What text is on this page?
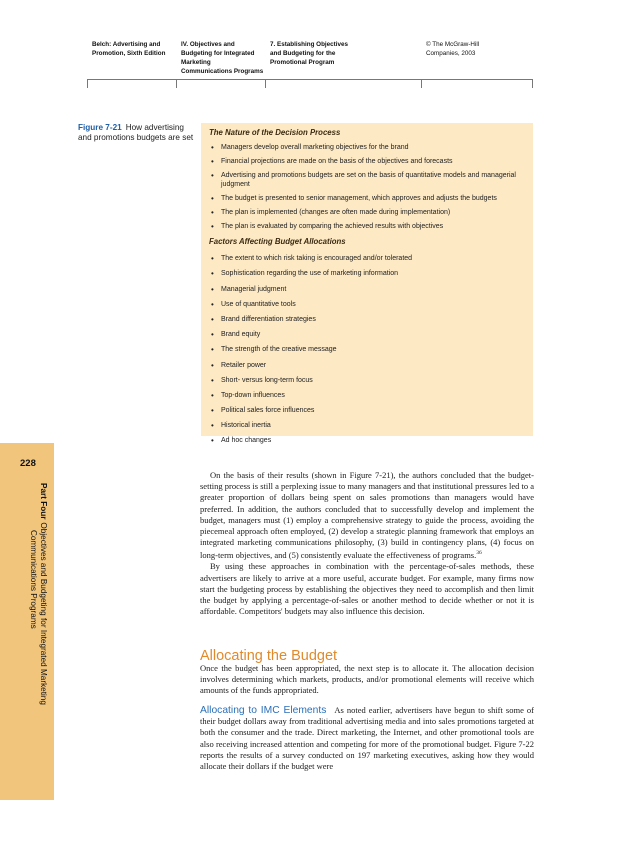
Belch: Advertising and
Promotion, Sixth Edition
IV. Objectives and
Budgeting for Integrated
Marketing
Communications Programs
7. Establishing Objectives
and Budgeting for the
Promotional Program
© The McGraw-Hill
Companies, 2003
Figure 7-21 How advertising and promotions budgets are set
The Nature of the Decision Process
• Managers develop overall marketing objectives for the brand
• Financial projections are made on the basis of the objectives and forecasts
• Advertising and promotions budgets are set on the basis of quantitative models and managerial judgment
• The budget is presented to senior management, which approves and adjusts the budgets
• The plan is implemented (changes are often made during implementation)
• The plan is evaluated by comparing the achieved results with objectives
Factors Affecting Budget Allocations
• The extent to which risk taking is encouraged and/or tolerated
• Sophistication regarding the use of marketing information
• Managerial judgment
• Use of quantitative tools
• Brand differentiation strategies
• Brand equity
• The strength of the creative message
• Retailer power
• Short- versus long-term focus
• Top-down influences
• Political sales force influences
• Historical inertia
• Ad hoc changes
228
Part FourObjectives and Budgeting for Integrated Marketing
Communications Programs

On the basis of their results (shown in Figure 7-21), the authors concluded that the budget-setting process is still a perplexing issue to many managers and that institutional pressures led to a greater proportion of dollars being spent on sales promotions than managers would have preferred. In addition, the authors concluded that to successfully develop and implement the budget, managers must (1) employ a comprehensive strategy to guide the process, avoiding the piecemeal approach often employed, (2) develop a strategic planning framework that employs an integrated marketing communications philosophy, (3) build in contingency plans, (4) focus on long-term objectives, and (5) consistently evaluate the effectiveness of programs.$^{36}$

By using these approaches in combination with the percentage-of-sales methods, these advertisers are likely to arrive at a more useful, accurate budget. For example, many firms now start the budgeting process by establishing the objectives they need to accomplish and then limit the budget by applying a percentage-of-sales or another method to decide whether or not it is affordable. Competitors' budgets may also influence this decision.

Allocating the Budget

Once the budget has been appropriated, the next step is to allocate it. The allocation decision involves determining which markets, products, and/or promotional elements will receive which amounts of the funds appropriated.

Allocating to IMC Elements As noted earlier, advertisers have begun to shift some of their budget dollars away from traditional advertising media and into sales promotions targeted at both the consumer and the trade. Direct marketing, the Internet, and other promotional tools are also receiving increased attention and competing for more of the promotional budget. Figure 7-22 reports the results of a survey conducted on 197 marketing executives, asking how they would allocate their dollars if the budget were
